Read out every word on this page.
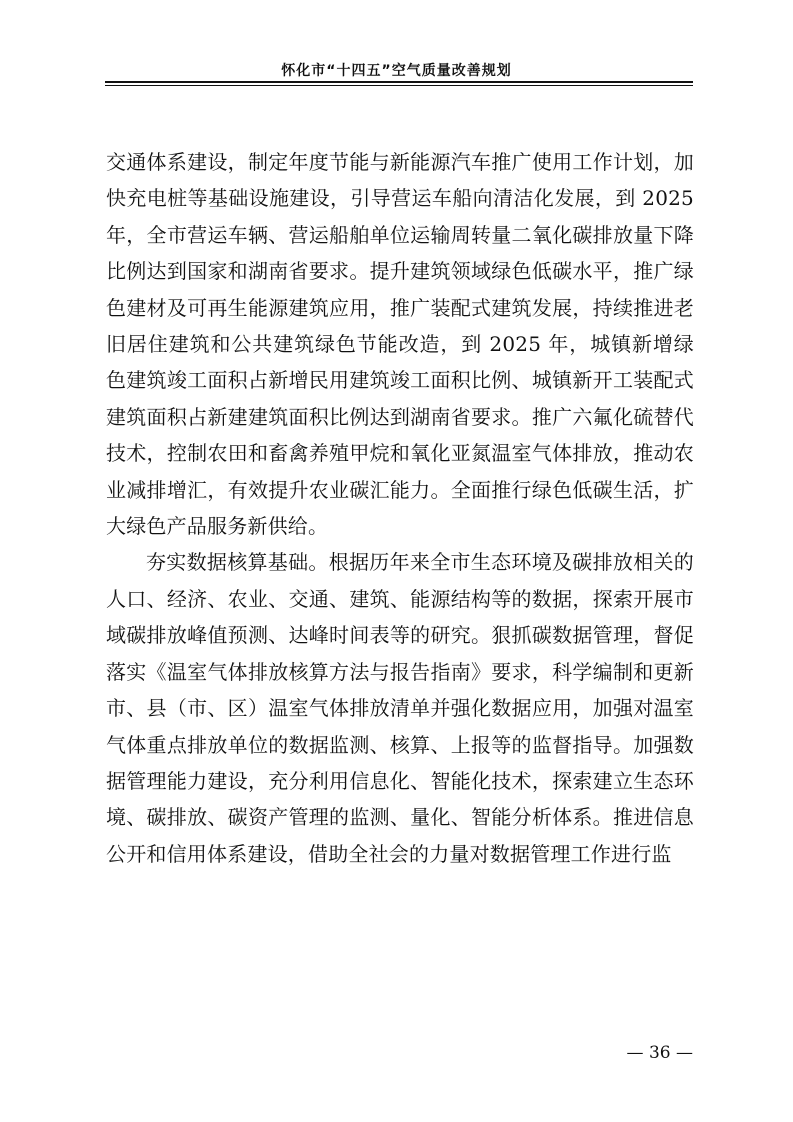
怀化市“十四五”空气质量改善规划

交通体系建设，制定年度节能与新能源汽车推广使用工作计划，加快充电桩等基础设施建设，引导营运车船向清洁化发展，到 2025 年，全市营运车辆、营运船舶单位运输周转量二氧化碳排放量下降比例达到国家和湖南省要求。提升建筑领域绿色低碳水平，推广绿色建材及可再生能源建筑应用，推广装配式建筑发展，持续推进老旧居住建筑和公共建筑绿色节能改造，到 2025 年，城镇新增绿色建筑竣工面积占新增民用建筑竣工面积比例、城镇新开工装配式建筑面积占新建建筑面积比例达到湖南省要求。推广六氟化硫替代技术，控制农田和畜禽养殖甲烷和氧化亚氮温室气体排放，推动农业减排增汇，有效提升农业碳汇能力。全面推行绿色低碳生活，扩大绿色产品服务新供给。

夯实数据核算基础。根据历年来全市生态环境及碳排放相关的人口、经济、农业、交通、建筑、能源结构等的数据，探索开展市域碳排放峰值预测、达峰时间表等的研究。狠抓碳数据管理，督促落实《温室气体排放核算方法与报告指南》要求，科学编制和更新市、县（市、区）温室气体排放清单并强化数据应用，加强对温室气体重点排放单位的数据监测、核算、上报等的监督指导。加强数据管理能力建设，充分利用信息化、智能化技术，探索建立生态环境、碳排放、碳资产管理的监测、量化、智能分析体系。推进信息公开和信用体系建设，借助全社会的力量对数据管理工作进行监

— 36 —
